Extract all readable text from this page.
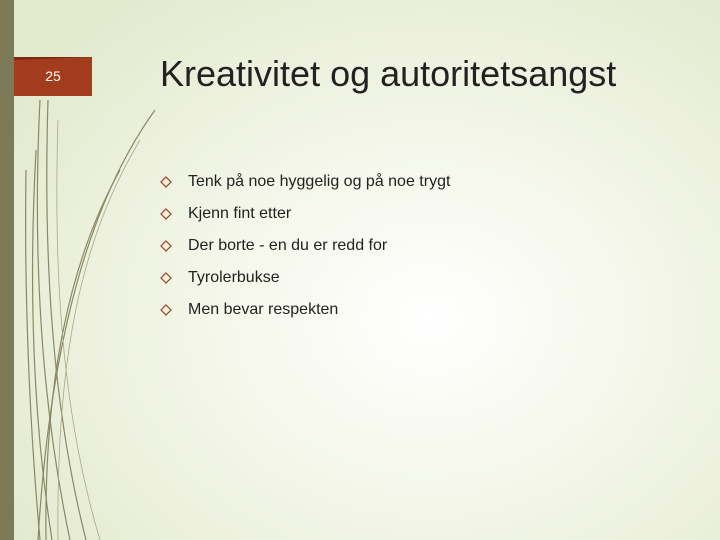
25	Kreativitet og autoritetsangst
Tenk på noe hyggelig og på noe trygt
Kjenn fint etter
Der borte - en du er redd for
Tyrolerbukse
Men bevar respekten
